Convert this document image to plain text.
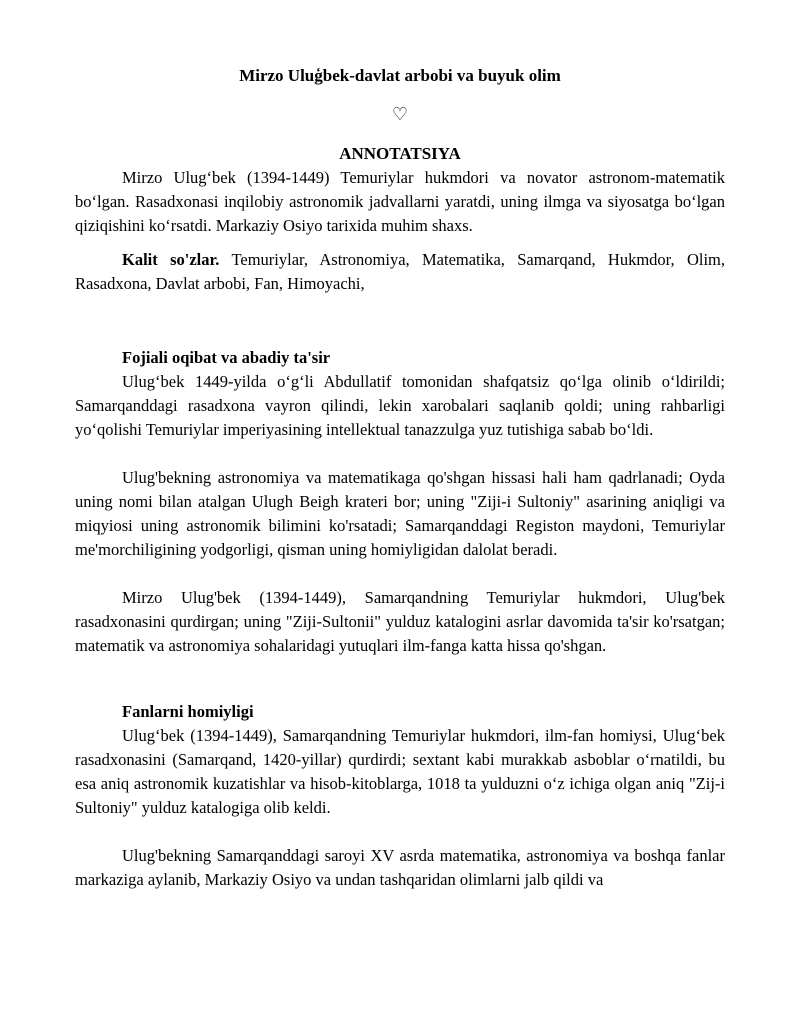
Mirzo Uluģbek-davlat arbobi va buyuk olim
♡
ANNOTATSIYA

Mirzo Ulug‘bek (1394-1449) Temuriylar hukmdori va novator astronom-matematik bo‘lgan. Rasadxonasi inqilobiy astronomik jadvallarni yaratdi, uning ilmga va siyosatga bo‘lgan qiziqishini ko‘rsatdi. Markaziy Osiyo tarixida muhim shaxs.

Kalit so'zlar. Temuriylar, Astronomiya, Matematika, Samarqand, Hukmdor, Olim, Rasadxona, Davlat arbobi, Fan, Himoyachi,

Fojiali oqibat va abadiy ta'sir

Ulug‘bek 1449-yilda o‘g‘li Abdullatif tomonidan shafqatsiz qo‘lga olinib o‘ldirildi; Samarqanddagi rasadxona vayron qilindi, lekin xarobalari saqlanib qoldi; uning rahbarligi yo‘qolishi Temuriylar imperiyasining intellektual tanazzulga yuz tutishiga sabab bo‘ldi.

Ulug'bekning astronomiya va matematikaga qo'shgan hissasi hali ham qadrlanadi; Oyda uning nomi bilan atalgan Ulugh Beigh krateri bor; uning "Ziji-i Sultoniy" asarining aniqligi va miqyiosi uning astronomik bilimini ko'rsatadi; Samarqanddagi Registon maydoni, Temuriylar me'morchiligining yodgorligi, qisman uning homiyligidan dalolat beradi.

Mirzo Ulug'bek (1394-1449), Samarqandning Temuriylar hukmdori, Ulug'bek rasadxonasini qurdirgan; uning "Ziji-Sultonii" yulduz katalogini asrlar davomida ta'sir ko'rsatgan; matematik va astronomiya sohalaridagi yutuqlari ilm-fanga katta hissa qo'shgan.

Fanlarni homiyligi

Ulug‘bek (1394-1449), Samarqandning Temuriylar hukmdori, ilm-fan homiysi, Ulug‘bek rasadxonasini (Samarqand, 1420-yillar) qurdirdi; sextant kabi murakkab asboblar o‘rnatildi, bu esa aniq astronomik kuzatishlar va hisob-kitoblarga, 1018 ta yulduzni o‘z ichiga olgan aniq "Zij-i Sultoniy" yulduz katalogiga olib keldi.

Ulug'bekning Samarqanddagi saroyi XV asrda matematika, astronomiya va boshqa fanlar markaziga aylanib, Markaziy Osiyo va undan tashqaridan olimlarni jalb qildi va
